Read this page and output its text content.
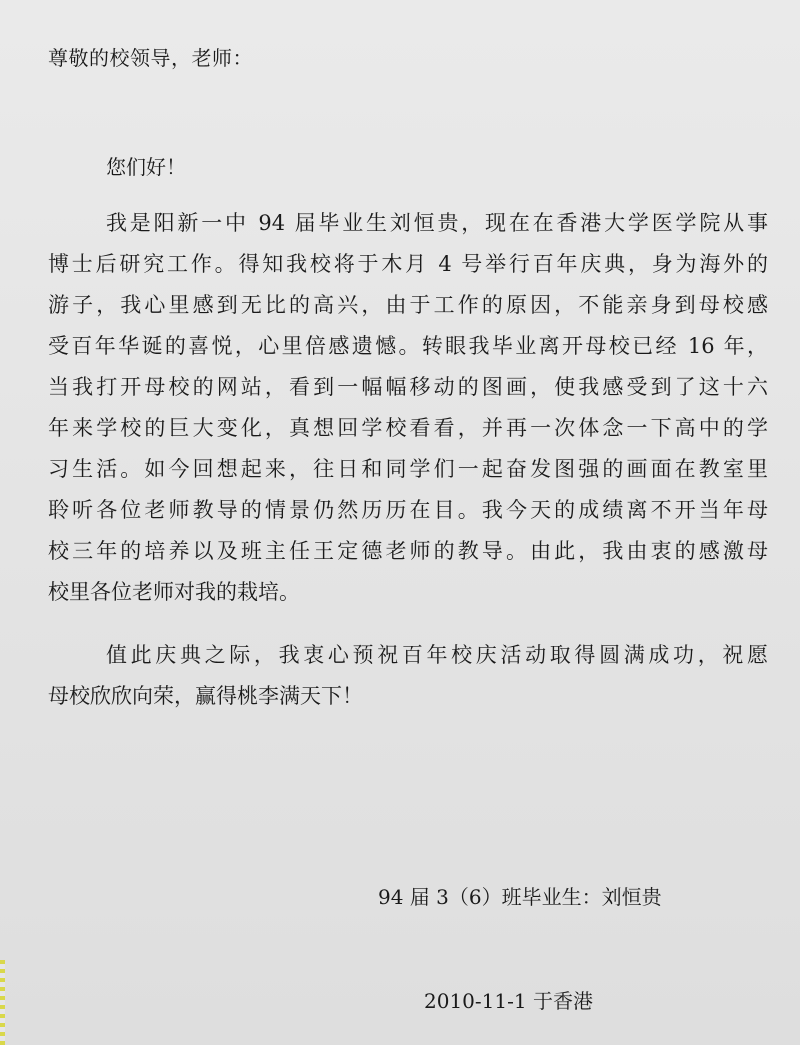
尊敬的校领导，老师：
您们好！
我是阳新一中 94 届毕业生刘恒贵，现在在香港大学医学院从事
博士后研究工作。得知我校将于木月 4 号举行百年庆典，身为海外的
游子，我心里感到无比的高兴，由于工作的原因，不能亲身到母校感
受百年华诞的喜悦，心里倍感遗憾。转眼我毕业离开母校已经 16 年，
当我打开母校的网站，看到一幅幅移动的图画，使我感受到了这十六
年来学校的巨大变化，真想回学校看看，并再一次体念一下高中的学
习生活。如今回想起来，往日和同学们一起奋发图强的画面在教室里
聆听各位老师教导的情景仍然历历在目。我今天的成绩离不开当年母
校三年的培养以及班主任王定德老师的教导。由此，我由衷的感激母
校里各位老师对我的栽培。
值此庆典之际，我衷心预祝百年校庆活动取得圆满成功，祝愿
母校欣欣向荣，赢得桃李满天下！
94 届 3（6）班毕业生：刘恒贵
2010-11-1 于香港
